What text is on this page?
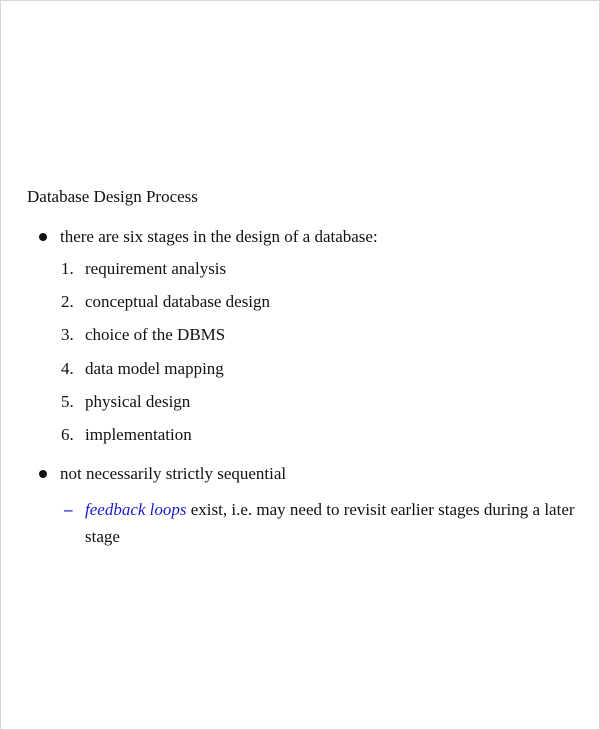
Database Design Process
there are six stages in the design of a database:
1. requirement analysis
2. conceptual database design
3. choice of the DBMS
4. data model mapping
5. physical design
6. implementation
not necessarily strictly sequential
– feedback loops exist, i.e. may need to revisit earlier stages during a later stage
